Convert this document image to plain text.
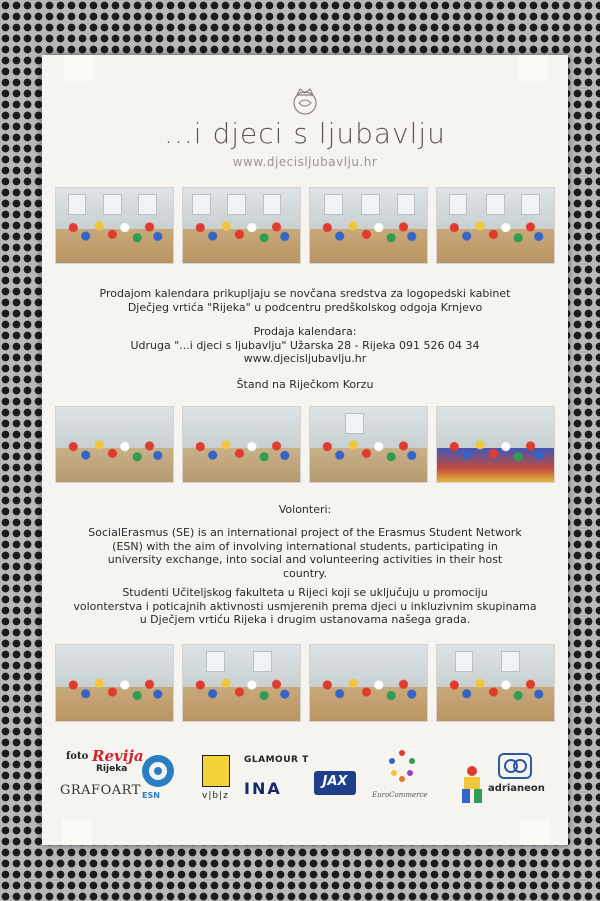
...i djeci s ljubavlju
www.djecisljubavlju.hr
Prodajom kalendara prikupljaju se novčana sredstva za logopedski kabinet
Dječjeg vrtića "Rijeka" u podcentru predškolskog odgoja Krnjevo
Prodaja kalendara:
Udruga "...i djeci s ljubavlju" Užarska 28 - Rijeka 091 526 04 34
www.djecisljubavlju.hr
Štand na Riječkom Korzu
Volonteri:
SocialErasmus (SE) is an international project of the Erasmus Student Network
(ESN) with the aim of involving international students, participating in
university exchange, into social and volunteering activities in their host
country.
Studenti Učiteljskog fakulteta u Rijeci koji se uključuju u promociju
volonterstva i poticajnih aktivnosti usmjerenih prema djeci u inkluzivnim skupinama
u Dječjem vrtiću Rijeka i drugim ustanovama našega grada.
foto Revija
Rijeka
GRAFOART ESN	v|b|z
GLAMOUR T
INA	JAX
EuroCommerce
adrianeon
